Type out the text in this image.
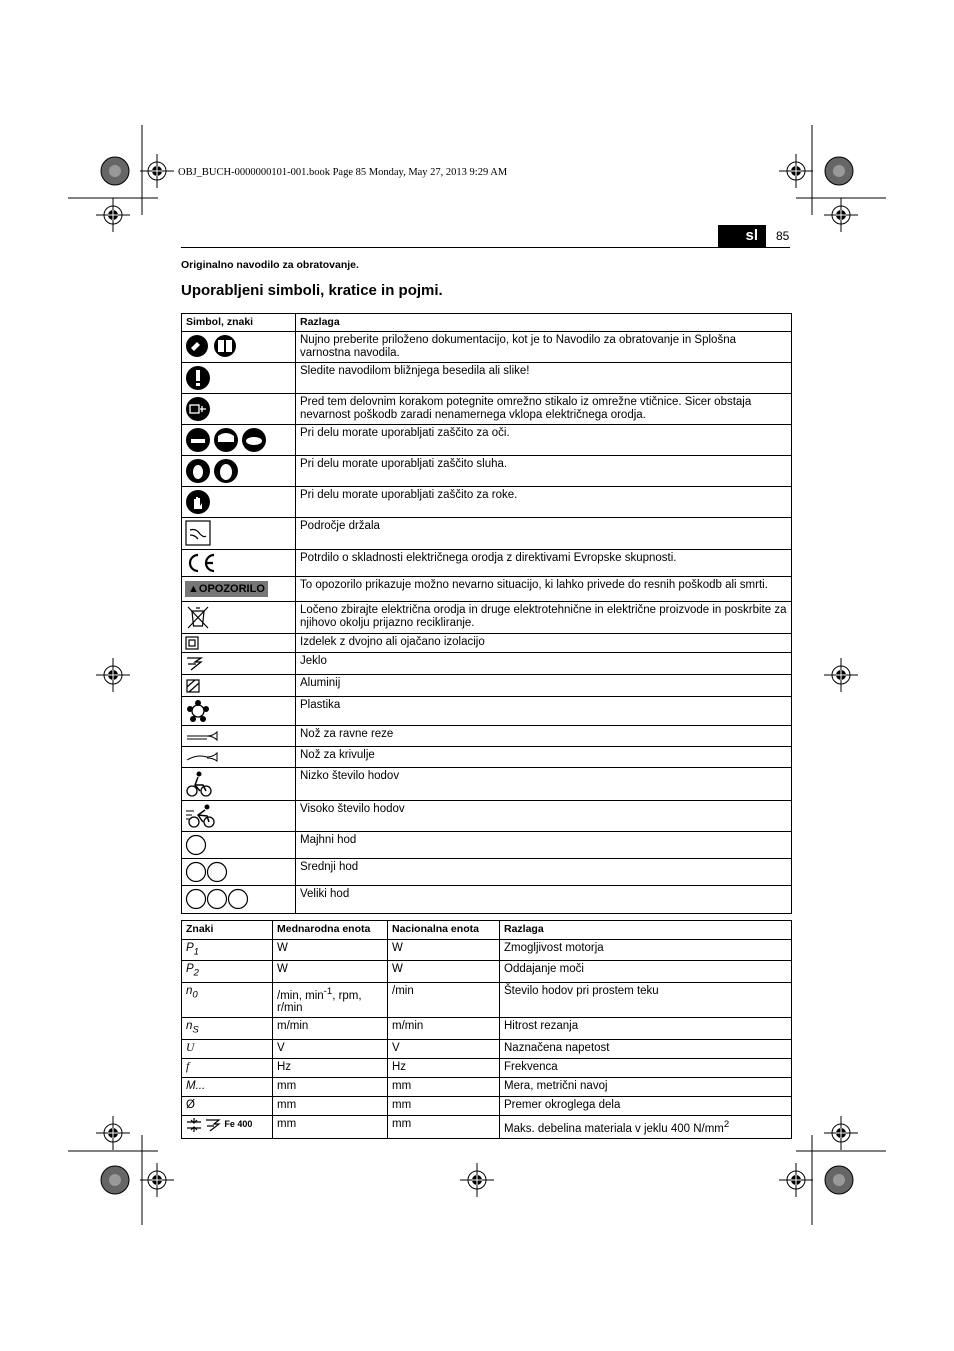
OBJ_BUCH-0000000101-001.book Page 85 Monday, May 27, 2013 9:29 AM
sl	85
Originalno navodilo za obratovanje.
Uporabljeni simboli, kratice in pojmi.
Simbol, znaki	Razlaga
	Nujno preberite priloženo dokumentacijo, kot je to Navodilo za obratovanje in Splošna varnostna navodila.
	Sledite navodilom bližnjega besedila ali slike!
	Pred tem delovnim korakom potegnite omrežno stikalo iz omrežne vtičnice. Sicer obstaja nevarnost poškodb zaradi nenamernega vklopa električnega orodja.
	Pri delu morate uporabljati zaščito za oči.
	Pri delu morate uporabljati zaščito sluha.
	Pri delu morate uporabljati zaščito za roke.
	Področje držala
	Potrdilo o skladnosti električnega orodja z direktivami Evropske skupnosti.
▲OPOZORILO	To opozorilo prikazuje možno nevarno situacijo, ki lahko privede do resnih poškodb ali smrti.
	Ločeno zbirajte električna orodja in druge elektrotehnične in električne proizvode in poskrbite za njihovo okolju prijazno recikliranje.
	Izdelek z dvojno ali ojačano izolacijo
	Jeklo
	Aluminij
	Plastika
	Nož za ravne reze
	Nož za krivulje
	Nizko število hodov
	Visoko število hodov
	Majhni hod
	Srednji hod
	Veliki hod
Znaki	Mednarodna enota	Nacionalna enota	Razlaga
$P_1$	W	W	Zmogljivost motorja
$P_2$	W	W	Oddajanje moči
$n_0$	/min, $\min^{-1}$, rpm, r/min	/min	Število hodov pri prostem teku
$n_S$	m/min	m/min	Hitrost rezanja
U	V	V	Naznačena napetost
f	Hz	Hz	Frekvenca
M...	mm	mm	Mera, metrični navoj
Ø	mm	mm	Premer okroglega dela
$^{Fe 400}$	mm	mm	Maks. debelina materiala v jeklu 400 $N/mm^2$
